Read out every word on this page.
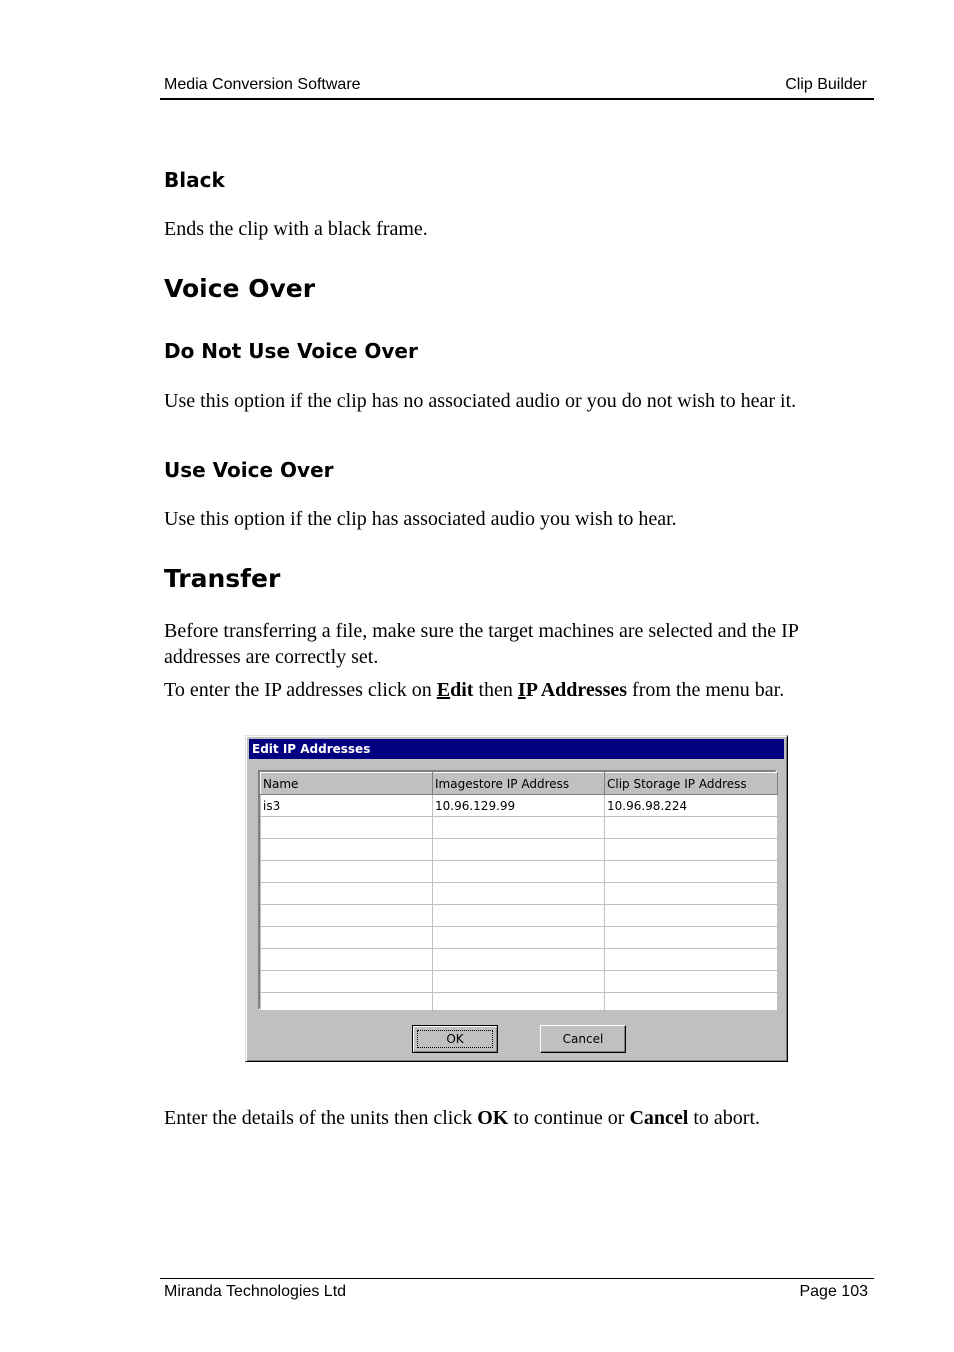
Media Conversion Software	Clip Builder
Black
Ends the clip with a black frame.
Voice Over
Do Not Use Voice Over
Use this option if the clip has no associated audio or you do not wish to hear it.
Use Voice Over
Use this option if the clip has associated audio you wish to hear.
Transfer
Before transferring a file, make sure the target machines are selected and the IP addresses are correctly set.
To enter the IP addresses click on Edit then IP Addresses from the menu bar.
Edit IP Addresses
Name	Imagestore IP Address	Clip Storage IP Address
is3	10.96.129.99	10.96.98.224

OK	Cancel
Enter the details of the units then click OK to continue or Cancel to abort.
Miranda Technologies Ltd	Page 103
